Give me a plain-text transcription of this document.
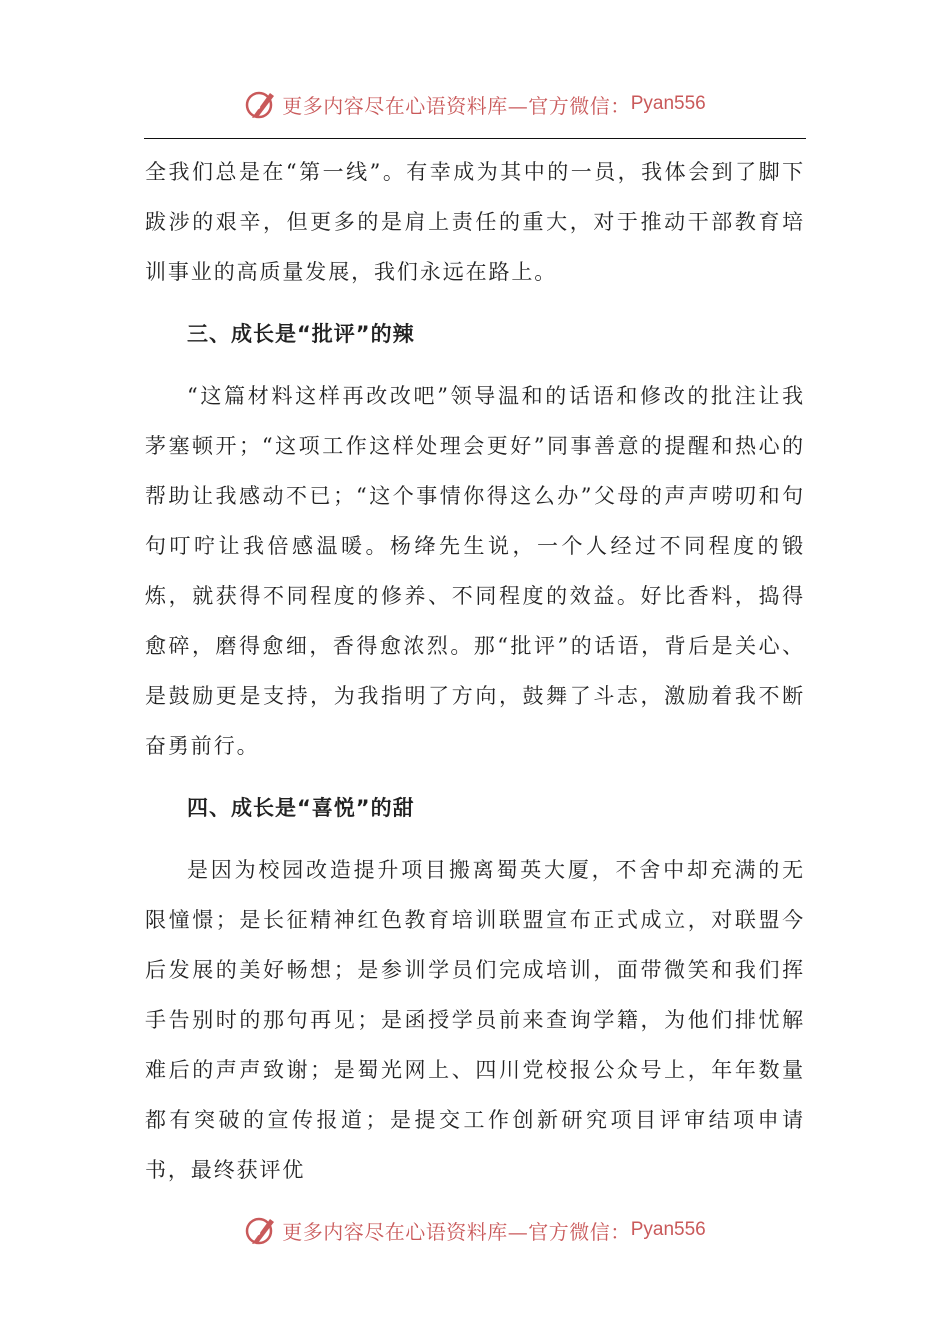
更多内容尽在心语资料库—官方微信： Pyan556

全我们总是在“第一线”。有幸成为其中的一员，我体会到了脚下跋涉的艰辛，但更多的是肩上责任的重大，对于推动干部教育培训事业的高质量发展，我们永远在路上。

三、成长是“批评”的辣

“这篇材料这样再改改吧”领导温和的话语和修改的批注让我茅塞顿开；“这项工作这样处理会更好”同事善意的提醒和热心的帮助让我感动不已；“这个事情你得这么办”父母的声声唠叨和句句叮咛让我倍感温暖。杨绛先生说，一个人经过不同程度的锻炼，就获得不同程度的修养、不同程度的效益。好比香料，捣得愈碎，磨得愈细，香得愈浓烈。那“批评”的话语，背后是关心、是鼓励更是支持，为我指明了方向，鼓舞了斗志，激励着我不断奋勇前行。

四、成长是“喜悦”的甜

是因为校园改造提升项目搬离蜀英大厦，不舍中却充满的无限憧憬；是长征精神红色教育培训联盟宣布正式成立，对联盟今后发展的美好畅想；是参训学员们完成培训，面带微笑和我们挥手告别时的那句再见；是函授学员前来查询学籍，为他们排忧解难后的声声致谢；是蜀光网上、四川党校报公众号上，年年数量都有突破的宣传报道；是提交工作创新研究项目评审结项申请书，最终获评优

更多内容尽在心语资料库—官方微信： Pyan556
